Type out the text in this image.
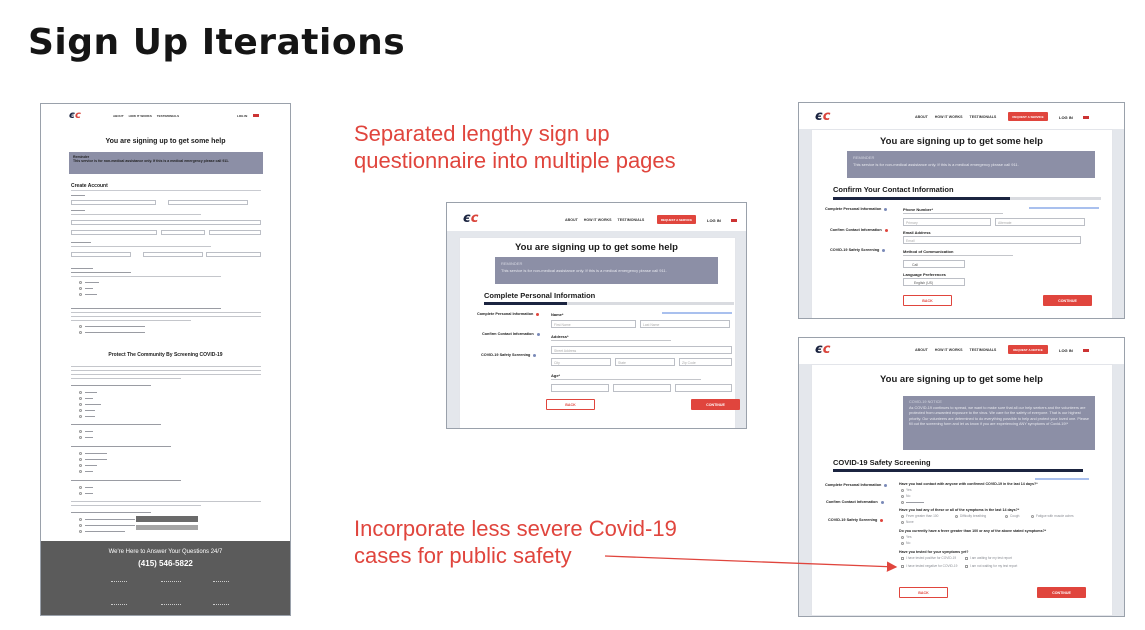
Sign Up Iterations
Separated lengthy sign up questionnaire into multiple pages
Incorporate less severe Covid-19 cases for public safety
єc	ABOUT HOW IT WORKS TESTIMONIALS	LOG IN
You are signing up to get some help
Reminder
This service is for non-medical assistance only. If this is a medical emergency please call 911.
Create Account
Protect The Community By Screening COVID-19
We're Here to Answer Your Questions 24/7
(415) 546-5822
єc	ABOUT HOW IT WORKS TESTIMONIALS	REQUEST A SERVICE	LOG IN
You are signing up to get some help
REMINDER
This service is for non-medical assistance only. If this is a medical emergency please call 911.
Complete Personal Information
Complete Personal Information
Confirm Contact Information
COVID-19 Safety Screening
Name*
First Name	Last Name
Address*
Street Address
City	State	Zip Code
Age*
BACK	CONTINUE
єc	ABOUT HOW IT WORKS TESTIMONIALS	REQUEST A SERVICE	LOG IN
You are signing up to get some help
REMINDER
This service is for non-medical assistance only. If this is a medical emergency please call 911.
Confirm Your Contact Information
Complete Personal Information
Confirm Contact Information
COVID-19 Safety Screening
Phone Number*
Primary	Alternate
Email Address
Email
Method of Communication
Call
Language Preferences
English (US)
BACK	CONTINUE
єc	ABOUT HOW IT WORKS TESTIMONIALS	REQUEST A NOTICE	LOG IN
You are signing up to get some help
COVID-19 NOTICE
As COVID-19 continues to spread, we want to make sure that all our help seekers and the volunteers are protected from unwanted exposure to the virus. We care for the safety of everyone. That is our highest priority. Our volunteers are determined to do everything possible to help and protect your loved one. Please fill out the screening form and let us know if you are experiencing ANY symptoms of Covid-19!*
COVID-19 Safety Screening
Complete Personal Information
Confirm Contact Information
COVID-19 Safety Screening
Have you had contact with anyone with confirmed COVID-19 in the last 14 days?*
Yes
No
Have you had any of these or all of the symptoms in the last 14 days?*
Fever greater than 100	Difficulty breathing	Cough	Fatigue with muscle aches
None
Do you currently have a fever greater than 100 or any of the above stated symptoms?*
Yes
No
Have you tested for your symptoms yet?
I have tested positive for COVID-19	I am waiting for my test report
I have tested negative for COVID-19	I am not waiting for my test report
BACK	CONTINUE
